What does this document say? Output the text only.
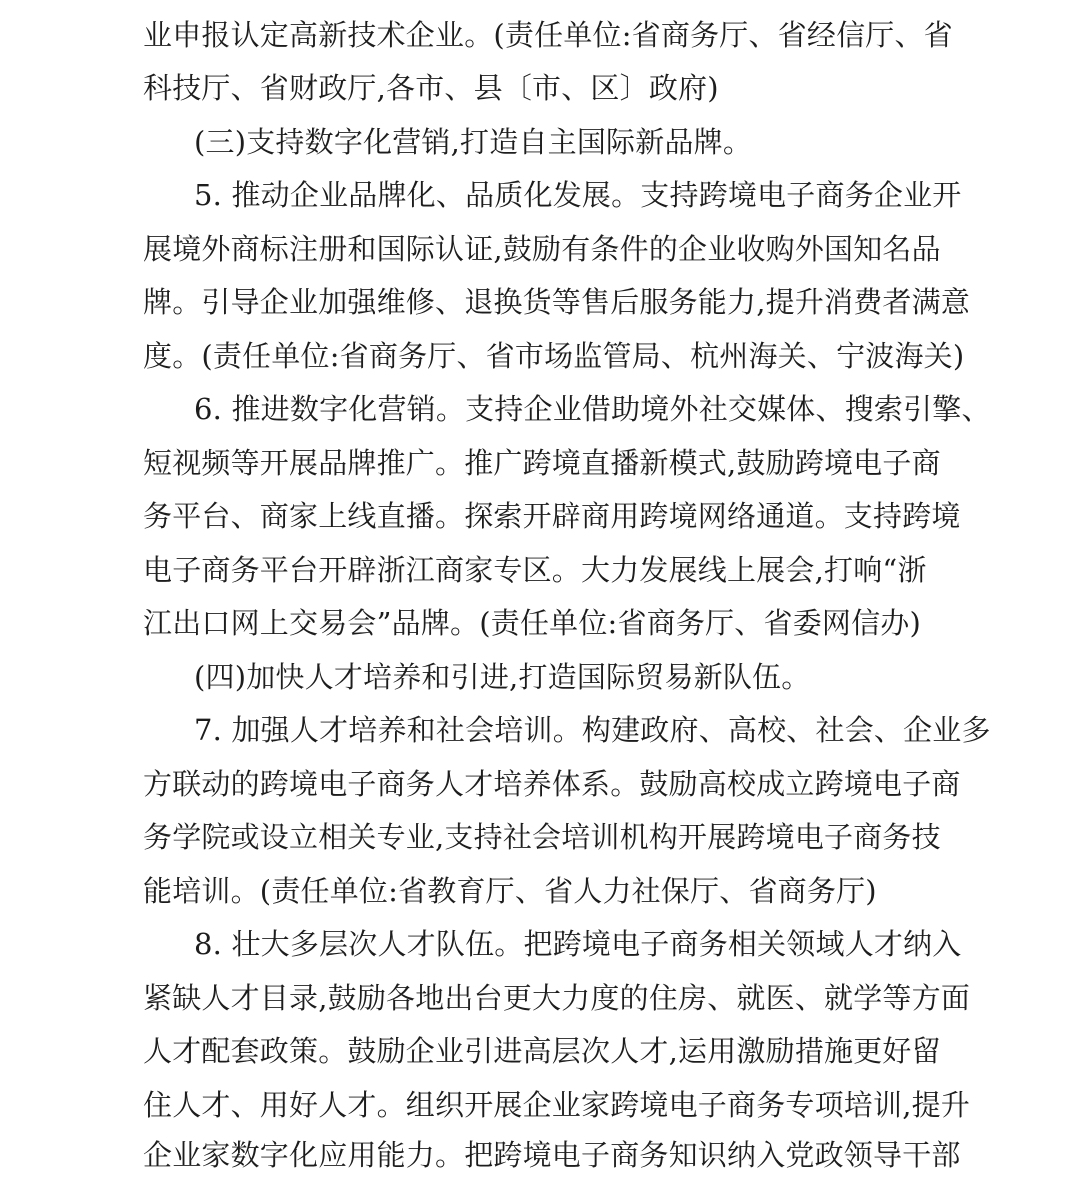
业申报认定高新技术企业。(责任单位:省商务厅、省经信厅、省
科技厅、省财政厅,各市、县〔市、区〕政府)
(三)支持数字化营销,打造自主国际新品牌。
5. 推动企业品牌化、品质化发展。支持跨境电子商务企业开
展境外商标注册和国际认证,鼓励有条件的企业收购外国知名品
牌。引导企业加强维修、退换货等售后服务能力,提升消费者满意
度。(责任单位:省商务厅、省市场监管局、杭州海关、宁波海关)
6. 推进数字化营销。支持企业借助境外社交媒体、搜索引擎、
短视频等开展品牌推广。推广跨境直播新模式,鼓励跨境电子商
务平台、商家上线直播。探索开辟商用跨境网络通道。支持跨境
电子商务平台开辟浙江商家专区。大力发展线上展会,打响“浙
江出口网上交易会”品牌。(责任单位:省商务厅、省委网信办)
(四)加快人才培养和引进,打造国际贸易新队伍。
7. 加强人才培养和社会培训。构建政府、高校、社会、企业多
方联动的跨境电子商务人才培养体系。鼓励高校成立跨境电子商
务学院或设立相关专业,支持社会培训机构开展跨境电子商务技
能培训。(责任单位:省教育厅、省人力社保厅、省商务厅)
8. 壮大多层次人才队伍。把跨境电子商务相关领域人才纳入
紧缺人才目录,鼓励各地出台更大力度的住房、就医、就学等方面
人才配套政策。鼓励企业引进高层次人才,运用激励措施更好留
住人才、用好人才。组织开展企业家跨境电子商务专项培训,提升
企业家数字化应用能力。把跨境电子商务知识纳入党政领导干部
